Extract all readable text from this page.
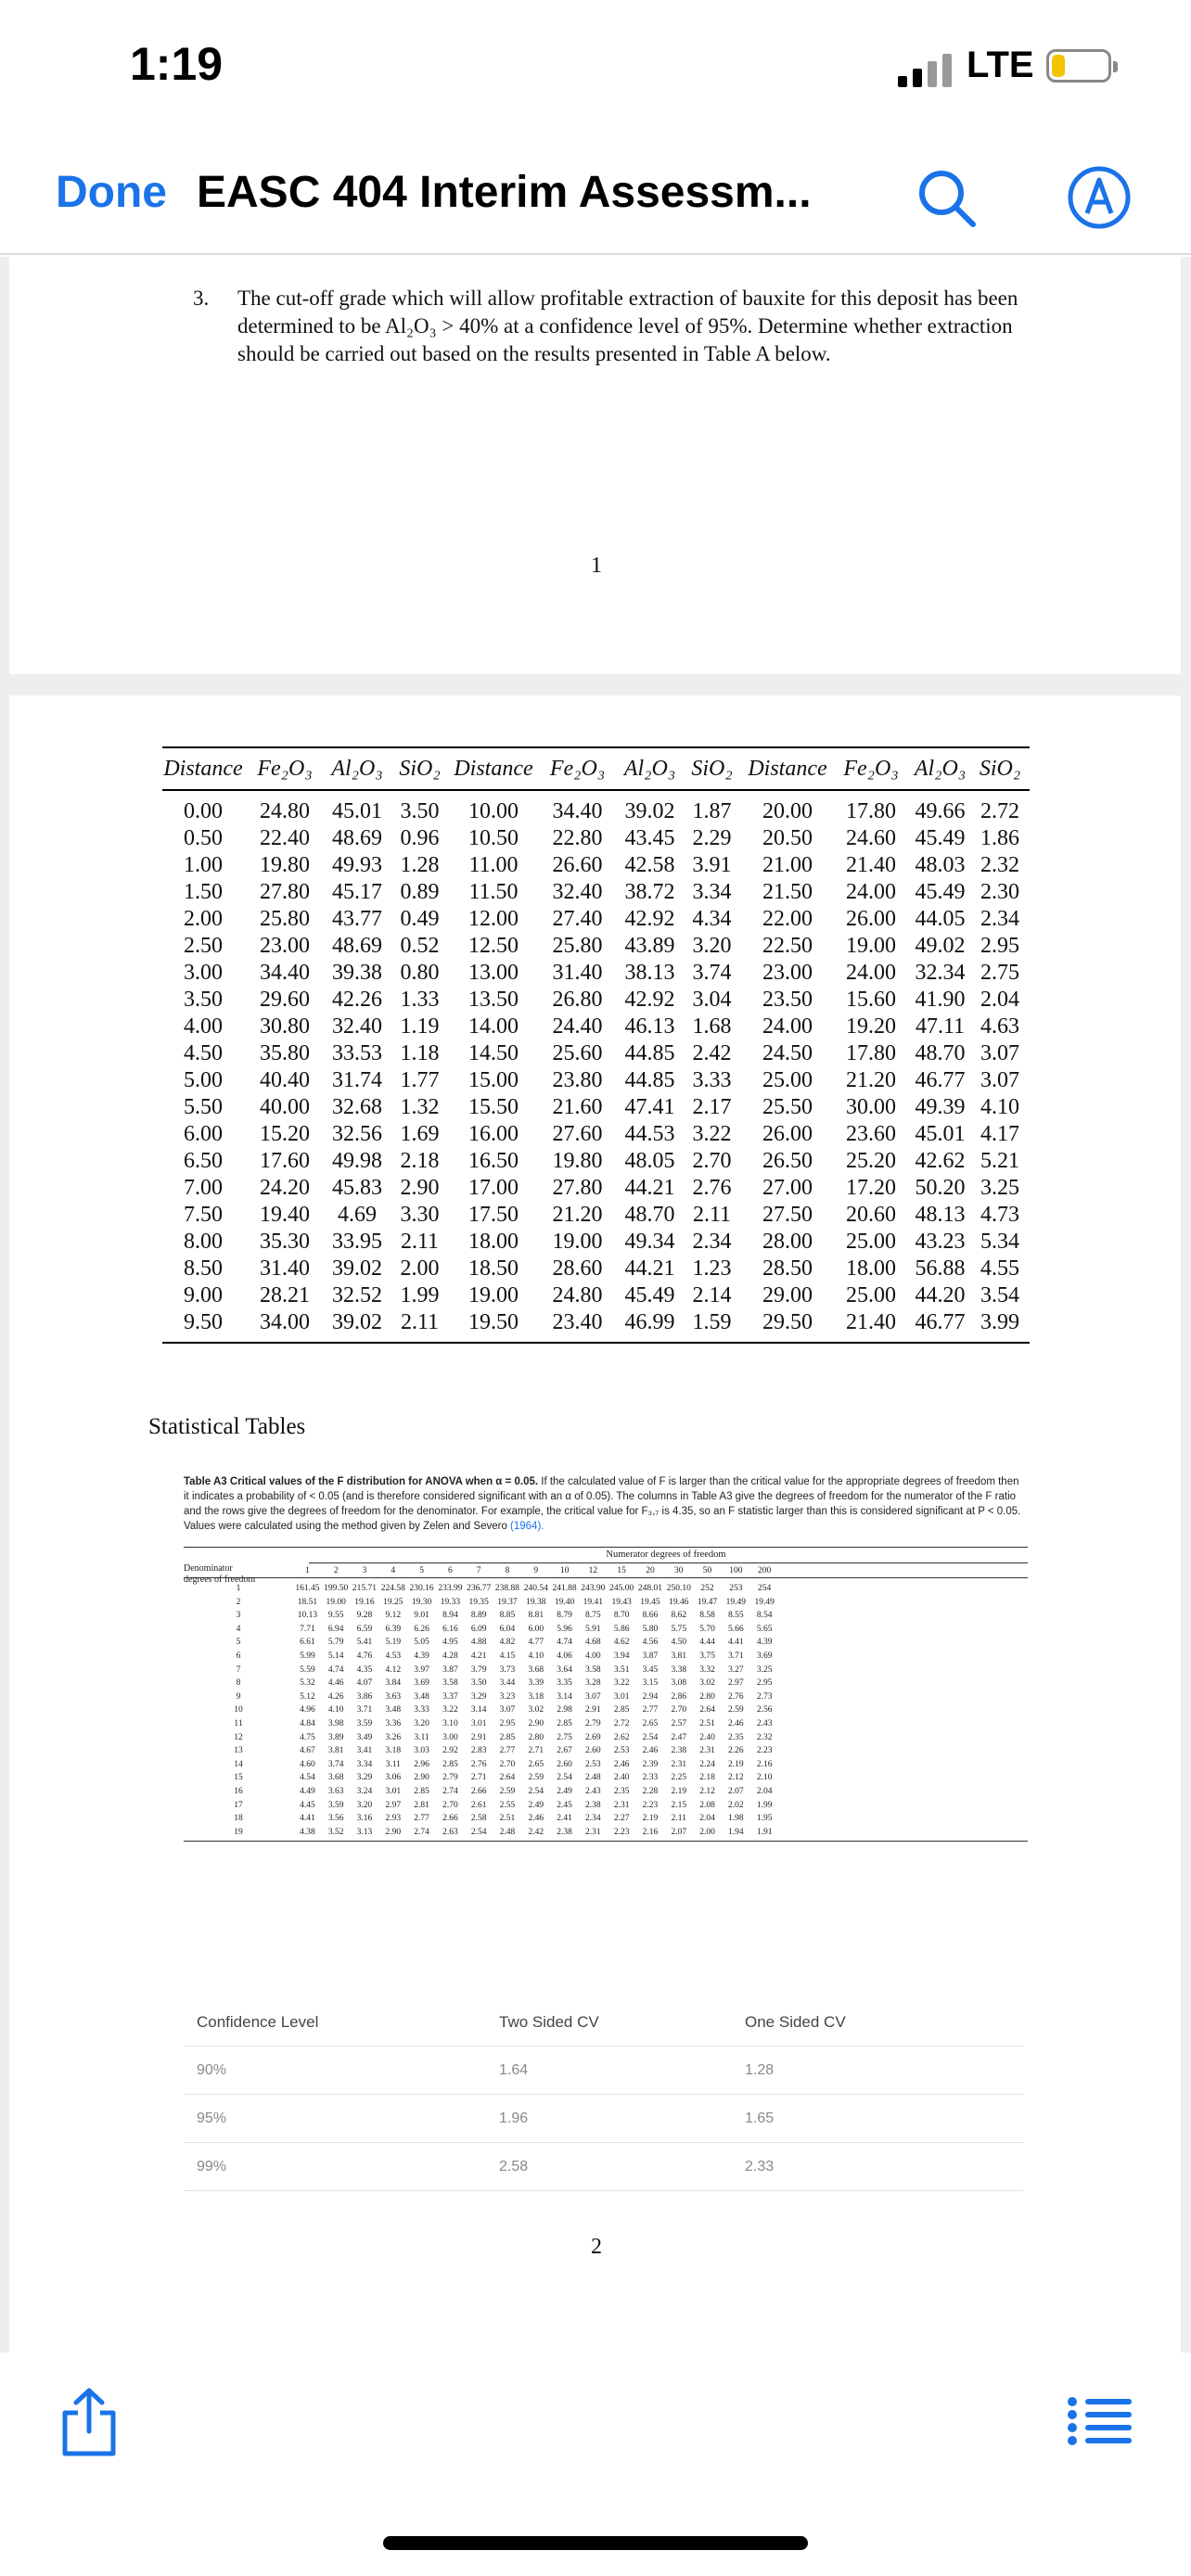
1:19	LTE
Done EASC 404 Interim Assessm...
3. The cut-off grade which will allow profitable extraction of bauxite for this deposit has been determined to be Al₂O₃ > 40% at a confidence level of 95%. Determine whether extraction should be carried out based on the results presented in Table A below.
1
Distance Fe₂O₃ Al₂O₃ SiO₂ Distance Fe₂O₃ Al₂O₃ SiO₂ Distance Fe₂O₃ Al₂O₃ SiO₂
0.00	24.80	45.01 3.50	10.00	34.40	39.02 1.87	20.00	17.80 49.66 2.72
0.50	22.40	48.69 0.96	10.50	22.80	43.45 2.29	20.50	24.60 45.49 1.86
1.00	19.80	49.93 1.28	11.00	26.60	42.58 3.91	21.00	21.40 48.03 2.32
1.50	27.80	45.17 0.89	11.50	32.40	38.72 3.34	21.50	24.00 45.49 2.30
2.00	25.80	43.77 0.49	12.00	27.40	42.92 4.34	22.00	26.00 44.05 2.34
2.50	23.00	48.69 0.52	12.50	25.80	43.89 3.20	22.50	19.00 49.02 2.95
3.00	34.40	39.38 0.80	13.00	31.40	38.13 3.74	23.00	24.00 32.34 2.75
3.50	29.60	42.26 1.33	13.50	26.80	42.92 3.04	23.50	15.60 41.90 2.04
4.00	30.80	32.40 1.19	14.00	24.40	46.13 1.68	24.00	19.20 47.11 4.63
4.50	35.80	33.53 1.18	14.50	25.60	44.85 2.42	24.50	17.80 48.70 3.07
5.00	40.40	31.74 1.77	15.00	23.80	44.85 3.33	25.00	21.20 46.77 3.07
5.50	40.00	32.68 1.32	15.50	21.60	47.41 2.17	25.50	30.00 49.39 4.10
6.00	15.20	32.56 1.69	16.00	27.60	44.53 3.22	26.00	23.60 45.01 4.17
6.50	17.60	49.98 2.18	16.50	19.80	48.05 2.70	26.50	25.20 42.62 5.21
7.00	24.20	45.83 2.90	17.00	27.80	44.21 2.76	27.00	17.20 50.20 3.25
7.50	19.40	4.69	3.30	17.50	21.20	48.70 2.11	27.50	20.60 48.13 4.73
8.00	35.30	33.95 2.11	18.00	19.00	49.34 2.34	28.00	25.00 43.23 5.34
8.50	31.40	39.02 2.00	18.50	28.60	44.21 1.23	28.50	18.00 56.88 4.55
9.00	28.21	32.52 1.99	19.00	24.80	45.49 2.14	29.00	25.00 44.20 3.54
9.50	34.00	39.02 2.11	19.50	23.40	46.99 1.59	29.50	21.40 46.77 3.99
Statistical Tables
Table A3 Critical values of the F distribution for ANOVA when α = 0.05. If the calculated value of F is larger than the critical value for the appropriate degrees of freedom then it indicates a probability of < 0.05 (and is therefore considered significant with an α of 0.05). The columns in Table A3 give the degrees of freedom for the numerator of the F ratio and the rows give the degrees of freedom for the denominator. For example, the critical value for F₃,₇ is 4.35, so an F statistic larger than this is considered significant at P < 0.05. Values were calculated using the method given by Zelen and Severo (1964).
Numerator degrees of freedom
Denominator
degrees of freedom
1	2	3	4	5	6	7	8	9	10	12	15	20	30	50	100	200
1	161.45 199.50 215.71 224.58 230.16 233.99 236.77 238.88 240.54 241.88 243.90 245.00 248.01 250.10	252	253	254
2	18.51 19.00 19.16 19.25 19.30 19.33 19.35 19.37 19.38 19.40 19.41 19.43 19.45 19.46 19.47 19.49 19.49
3	10.13	9.55	9.28	9.12	9.01	8.94	8.89	8.85	8.81	8.79	8.75	8.70	8.66	8.62	8.58	8.55	8.54
4	7.71	6.94	6.59	6.39	6.26	6.16	6.09	6.04	6.00	5.96	5.91	5.86	5.80	5.75	5.70	5.66	5.65
5	6.61	5.79	5.41	5.19	5.05	4.95	4.88	4.82	4.77	4.74	4.68	4.62	4.56	4.50	4.44	4.41	4.39
6	5.99	5.14	4.76	4.53	4.39	4.28	4.21	4.15	4.10	4.06	4.00	3.94	3.87	3.81	3.75	3.71	3.69
7	5.59	4.74	4.35	4.12	3.97	3.87	3.79	3.73	3.68	3.64	3.58	3.51	3.45	3.38	3.32	3.27	3.25
8	5.32	4.46	4.07	3.84	3.69	3.58	3.50	3.44	3.39	3.35	3.28	3.22	3.15	3.08	3.02	2.97	2.95
9	5.12	4.26	3.86	3.63	3.48	3.37	3.29	3.23	3.18	3.14	3.07	3.01	2.94	2.86	2.80	2.76	2.73
10	4.96	4.10	3.71	3.48	3.33	3.22	3.14	3.07	3.02	2.98	2.91	2.85	2.77	2.70	2.64	2.59	2.56
11	4.84	3.98	3.59	3.36	3.20	3.10	3.01	2.95	2.90	2.85	2.79	2.72	2.65	2.57	2.51	2.46	2.43
12	4.75	3.89	3.49	3.26	3.11	3.00	2.91	2.85	2.80	2.75	2.69	2.62	2.54	2.47	2.40	2.35	2.32
13	4.67	3.81	3.41	3.18	3.03	2.92	2.83	2.77	2.71	2.67	2.60	2.53	2.46	2.38	2.31	2.26	2.23
14	4.60	3.74	3.34	3.11	2.96	2.85	2.76	2.70	2.65	2.60	2.53	2.46	2.39	2.31	2.24	2.19	2.16
15	4.54	3.68	3.29	3.06	2.90	2.79	2.71	2.64	2.59	2.54	2.48	2.40	2.33	2.25	2.18	2.12	2.10
16	4.49	3.63	3.24	3.01	2.85	2.74	2.66	2.59	2.54	2.49	2.43	2.35	2.28	2.19	2.12	2.07	2.04
17	4.45	3.59	3.20	2.97	2.81	2.70	2.61	2.55	2.49	2.45	2.38	2.31	2.23	2.15	2.08	2.02	1.99
18	4.41	3.56	3.16	2.93	2.77	2.66	2.58	2.51	2.46	2.41	2.34	2.27	2.19	2.11	2.04	1.98	1.95
19	4.38	3.52	3.13	2.90	2.74	2.63	2.54	2.48	2.42	2.38	2.31	2.23	2.16	2.07	2.00	1.94	1.91
Confidence Level	Two Sided CV	One Sided CV
90%	1.64	1.28
95%	1.96	1.65
99%	2.58	2.33
2
